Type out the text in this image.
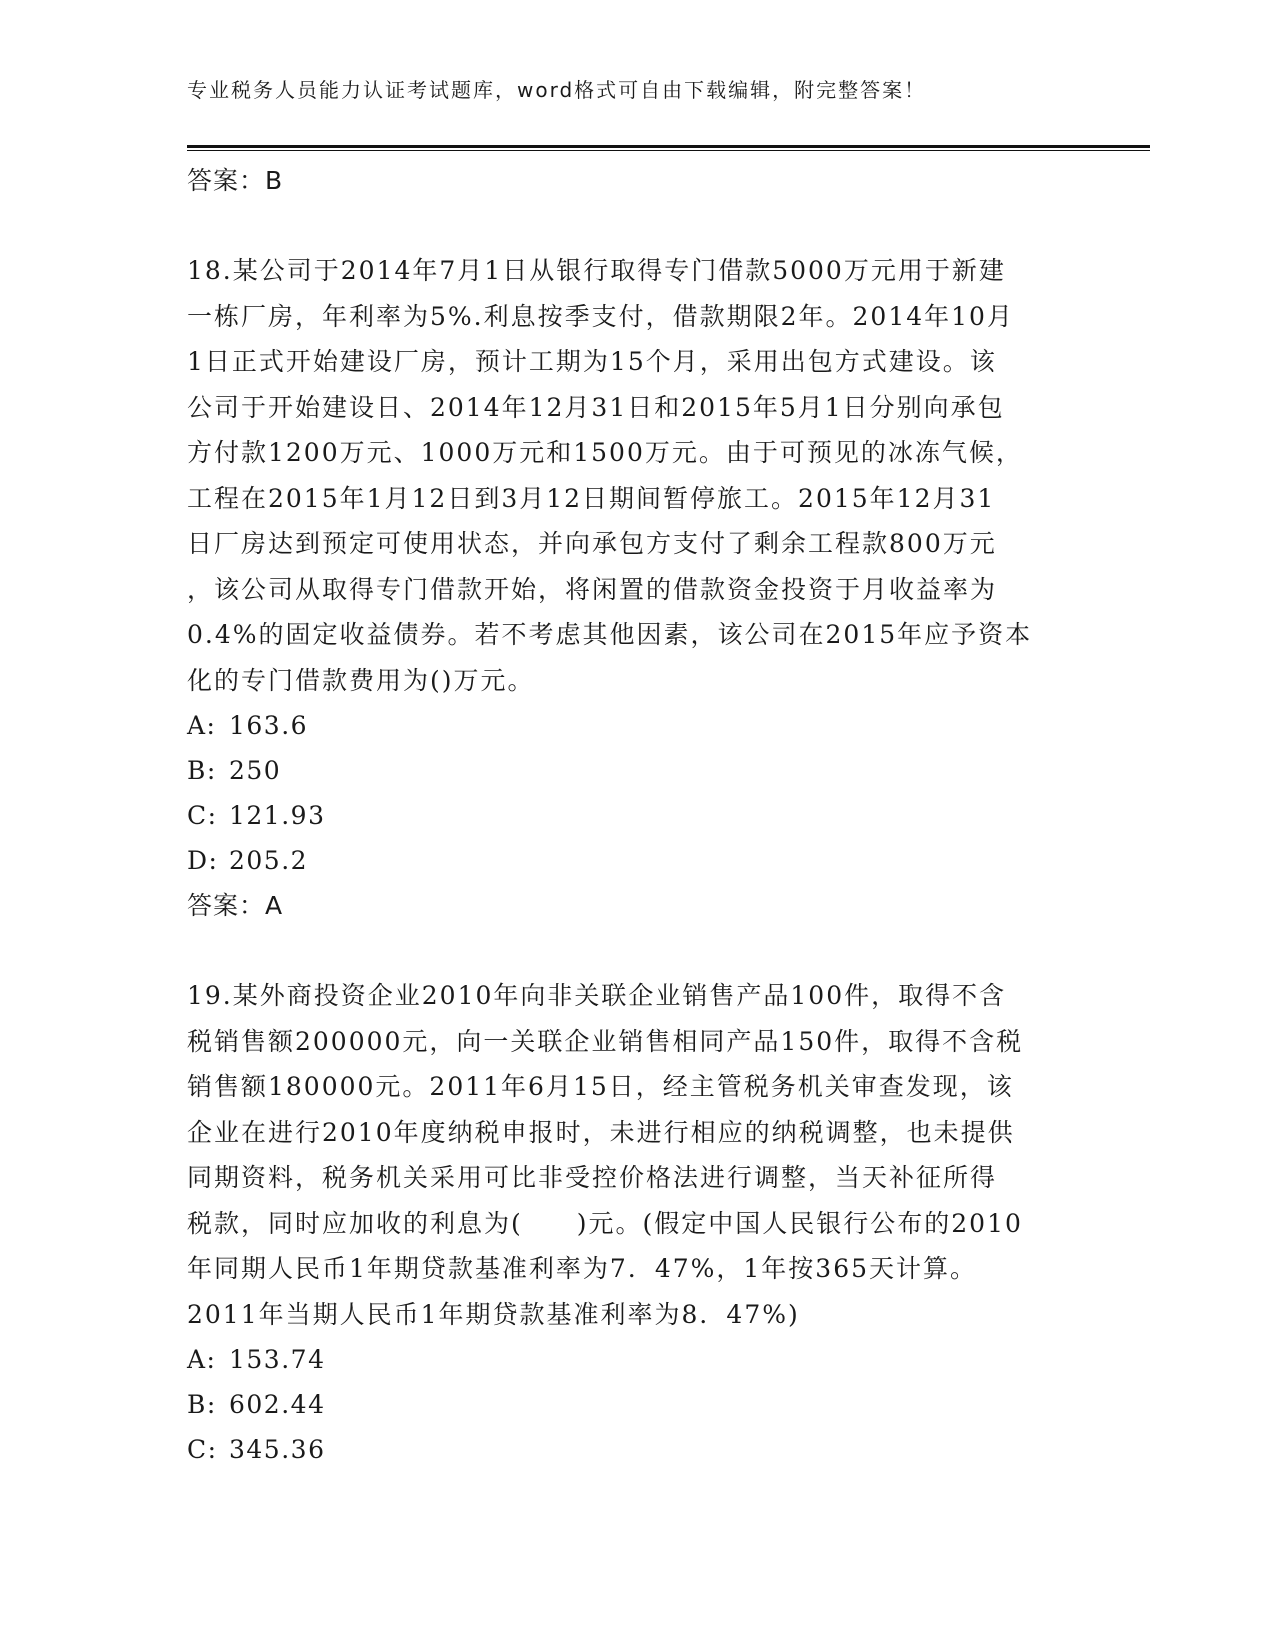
专业税务人员能力认证考试题库，word格式可自由下载编辑，附完整答案！
答案：B

18.某公司于2014年7月1日从银行取得专门借款5000万元用于新建
一栋厂房，年利率为5%.利息按季支付，借款期限2年。2014年10月
1日正式开始建设厂房，预计工期为15个月，采用出包方式建设。该
公司于开始建设日、2014年12月31日和2015年5月1日分别向承包
方付款1200万元、1000万元和1500万元。由于可预见的冰冻气候，
工程在2015年1月12日到3月12日期间暂停旅工。2015年12月31
日厂房达到预定可使用状态，并向承包方支付了剩余工程款800万元
，该公司从取得专门借款开始，将闲置的借款资金投资于月收益率为
0.4%的固定收益债券。若不考虑其他因素，该公司在2015年应予资本
化的专门借款费用为()万元。

A: 163.6
B: 250
C: 121.93
D: 205.2
答案：A

19.某外商投资企业2010年向非关联企业销售产品100件，取得不含
税销售额200000元，向一关联企业销售相同产品150件，取得不含税
销售额180000元。2011年6月15日，经主管税务机关审查发现，该
企业在进行2010年度纳税申报时，未进行相应的纳税调整，也未提供
同期资料，税务机关采用可比非受控价格法进行调整，当天补征所得
税款，同时应加收的利息为(　　)元。(假定中国人民银行公布的2010
年同期人民币1年期贷款基准利率为7．47%，1年按365天计算。
2011年当期人民币1年期贷款基准利率为8．47%)

A: 153.74
B: 602.44
C: 345.36
